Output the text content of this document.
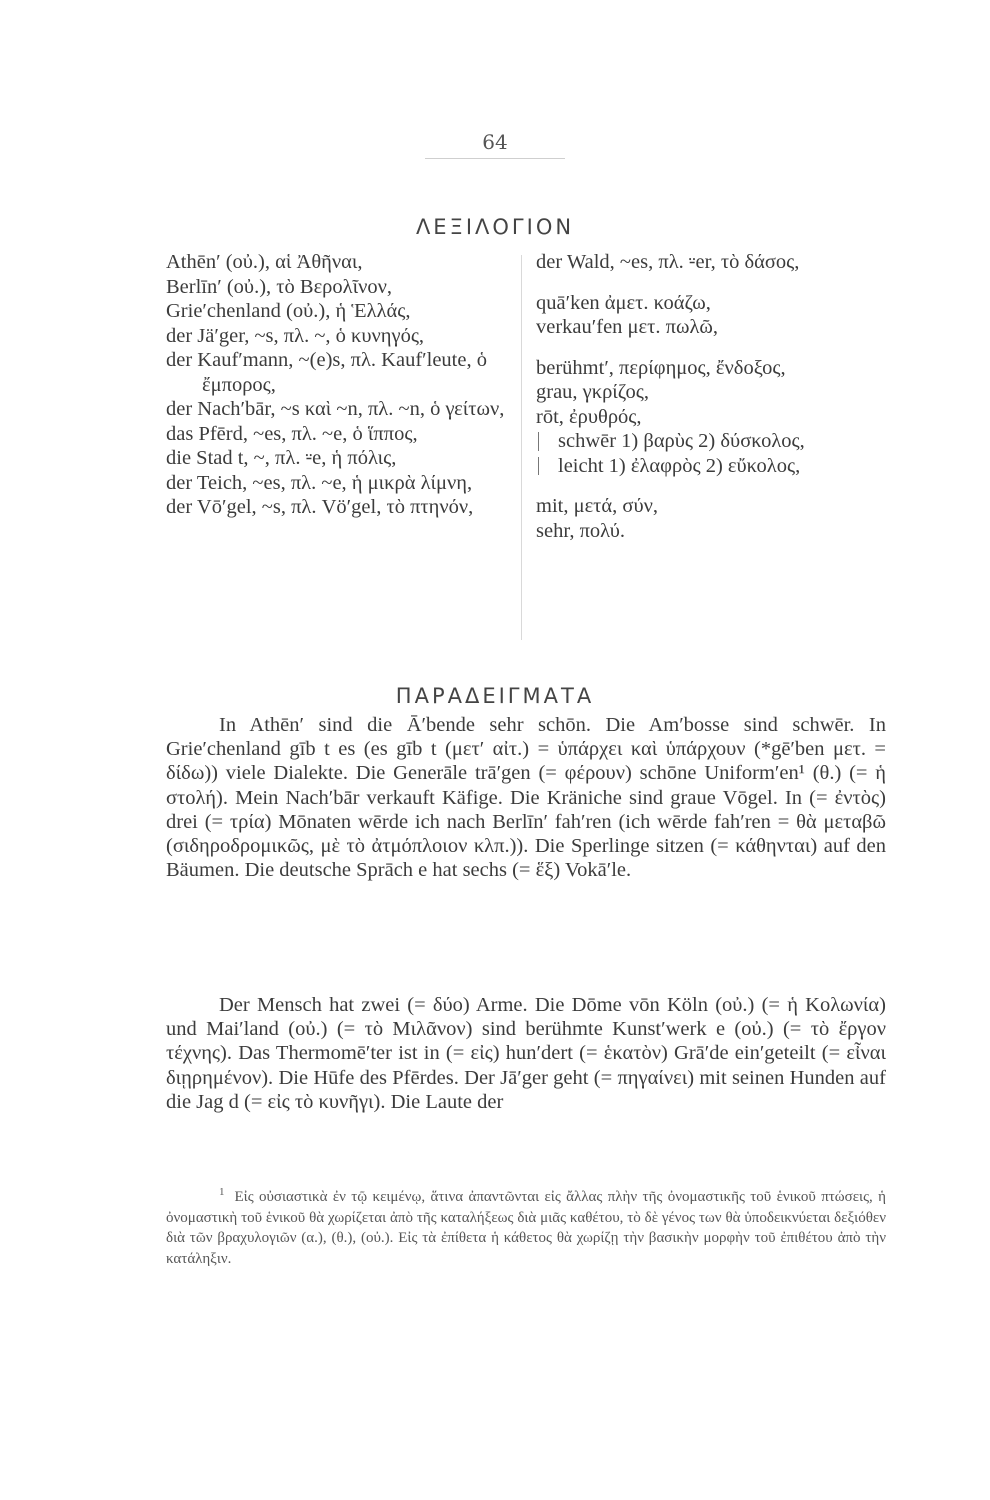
64
ΛΕΞΙΛΟΓΙΟΝ
Athēn′ (οὐ.), αἱ Ἀθῆναι,
Berlīn′ (οὐ.), τὸ Βερολῖνον,
Grie′chenland (οὐ.), ἡ Ἑλλάς,
der Jä′ger, ~s, πλ. ~, ὁ κυνηγός,
der Kauf′mann, ~(e)s, πλ. Kauf′leute, ὁ ἔμπορος,
der Nach′bār, ~s καὶ ~n, πλ. ~n, ὁ γείτων,
das Pfērd, ~es, πλ. ~e, ὁ ἵππος,
die Stad t, ~, πλ. ⸚e, ἡ πόλις,
der Teich, ~es, πλ. ~e, ἡ μικρὰ λίμνη,
der Vō′gel, ~s, πλ. Vö′gel, τὸ πτηνόν,
der Wald, ~es, πλ. ⸚er, τὸ δάσος,
quā′ken ἀμετ. κοάζω,
verkau′fen μετ. πωλῶ,
berühmt′, περίφημος, ἔνδοξος,
grau, γκρίζος,
rōt, ἐρυθρός,
schwēr 1) βαρὺς 2) δύσκολος,
leicht 1) ἐλαφρὸς 2) εὔκολος,
mit, μετά, σύν,
sehr, πολύ.
ΠΑΡΑΔΕΙΓΜΑΤΑ

In Athēn′ sind die Ā′bende sehr schōn. Die Am′bosse sind schwēr. In Grie′chenland gīb t es (es gīb t (μετ′ αἰτ.) = ὑπάρχει καὶ ὑπάρχουν (*gē′ben μετ. = δίδω)) viele Dialekte. Die Generāle trā′gen (= φέρουν) schōne Uniform′en¹ (θ.) (= ἡ στολή). Mein Nach′bār verkauft Käfige. Die Kräniche sind graue Vōgel. In (= ἐντὸς) drei (= τρία) Mōnaten wērde ich nach Berlīn′ fah′ren (ich wērde fah′ren = θὰ μεταβῶ (σιδηροδρομικῶς, μὲ τὸ ἀτμόπλοιον κλπ.)). Die Sperlinge sitzen (= κάθηνται) auf den Bäumen. Die deutsche Sprāch e hat sechs (= ἕξ) Vokā′le.

Der Mensch hat zwei (= δύο) Arme. Die Dōme vōn Köln (οὐ.) (= ἡ Κολωνία) und Mai′land (οὐ.) (= τὸ Μιλᾶνον) sind berühmte Kunst′werk e (οὐ.) (= τὸ ἔργον τέχνης). Das Thermomē′ter ist in (= εἰς) hun′dert (= ἑκατὸν) Grā′de ein′geteilt (= εἶναι διῃρημένον). Die Hūfe des Pfērdes. Der Jā′ger geht (= πηγαίνει) mit seinen Hunden auf die Jag d (= εἰς τὸ κυνῆγι). Die Laute der

$^1$ Εἰς οὐσιαστικὰ ἐν τῷ κειμένῳ, ἅτινα ἀπαντῶνται εἰς ἄλλας πλὴν τῆς ὀνομαστικῆς τοῦ ἑνικοῦ πτώσεις, ἡ ὀνομαστικὴ τοῦ ἑνικοῦ θὰ χωρίζεται ἀπὸ τῆς καταλήξεως διὰ μιᾶς καθέτου, τὸ δὲ γένος των θὰ ὑποδεικνύεται δεξιόθεν διὰ τῶν βραχυλογιῶν (α.), (θ.), (οὐ.). Εἰς τὰ ἐπίθετα ἡ κάθετος θὰ χωρίζῃ τὴν βασικὴν μορφὴν τοῦ ἐπιθέτου ἀπὸ τὴν κατάληξιν.
